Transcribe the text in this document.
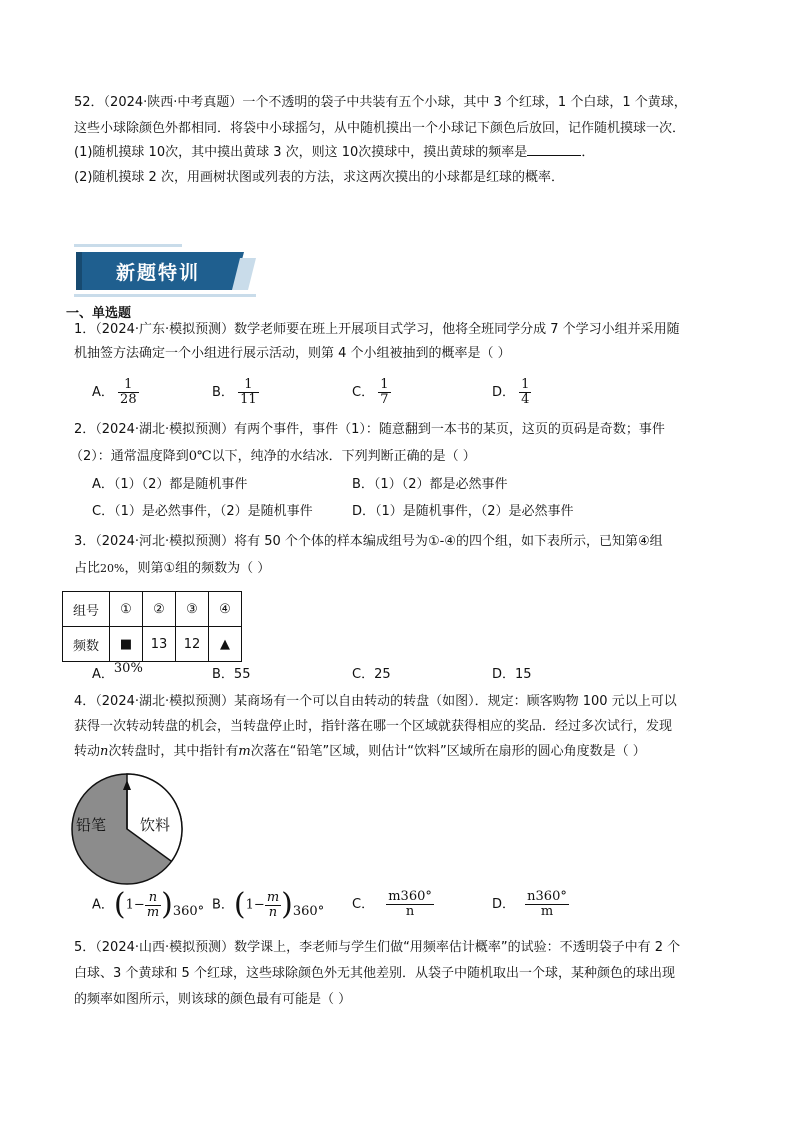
52．（2024·陕西·中考真题）一个不透明的袋子中共装有五个小球，其中 3 个红球，1 个白球，1 个黄球，
这些小球除颜色外都相同．将袋中小球摇匀，从中随机摸出一个小球记下颜色后放回，记作随机摸球一次．
(1)随机摸球 10次，其中摸出黄球 3 次，则这 10次摸球中，摸出黄球的频率是	．
(2)随机摸球 2 次，用画树状图或列表的方法，求这两次摸出的小球都是红球的概率．
新题特训
一、单选题
1．（2024·广东·模拟预测）数学老师要在班上开展项目式学习，他将全班同学分成 7 个学习小组并采用随
机抽签方法确定一个小组进行展示活动，则第 4 个小组被抽到的概率是（ ）
A． $\frac{1}{28}$	B． $\frac{1}{11}$	C． $\frac{1}{7}$	D． $\frac{1}{4}$
2．（2024·湖北·模拟预测）有两个事件，事件（1）：随意翻到一本书的某页，这页的页码是奇数；事件
（2）：通常温度降到0℃以下，纯净的水结冰．下列判断正确的是（ ）
A．（1）（2）都是随机事件	B．（1）（2）都是必然事件
C．（1）是必然事件，（2）是随机事件	D．（1）是随机事件，（2）是必然事件
3．（2024·河北·模拟预测）将有 50 个个体的样本编成组号为①-④的四个组，如下表所示，已知第④组
占比20%，则第①组的频数为（ ）
组号	①	②	③	④
频数	■	13	12	▲
A．30%	B．55	C．25	D．15
4．（2024·湖北·模拟预测）某商场有一个可以自由转动的转盘（如图）．规定：顾客购物 100 元以上可以
获得一次转动转盘的机会，当转盘停止时，指针落在哪一个区域就获得相应的奖品．经过多次试行，发现
转动n次转盘时，其中指针有m次落在“铅笔”区域，则估计“饮料”区域所在扇形的圆心角度数是（ ）
铅笔 饮料
A．$(1- \frac{n}{m} )360^\circ$ B．$(1- \frac{m}{n} )360^\circ$ C． $\frac{m360^\circ}{n}$	D． $\frac{n360^\circ}{m}$
5．（2024·山西·模拟预测）数学课上，李老师与学生们做“用频率估计概率”的试验：不透明袋子中有 2 个
白球、3 个黄球和 5 个红球，这些球除颜色外无其他差别．从袋子中随机取出一个球，某种颜色的球出现
的频率如图所示，则该球的颜色最有可能是（ ）
